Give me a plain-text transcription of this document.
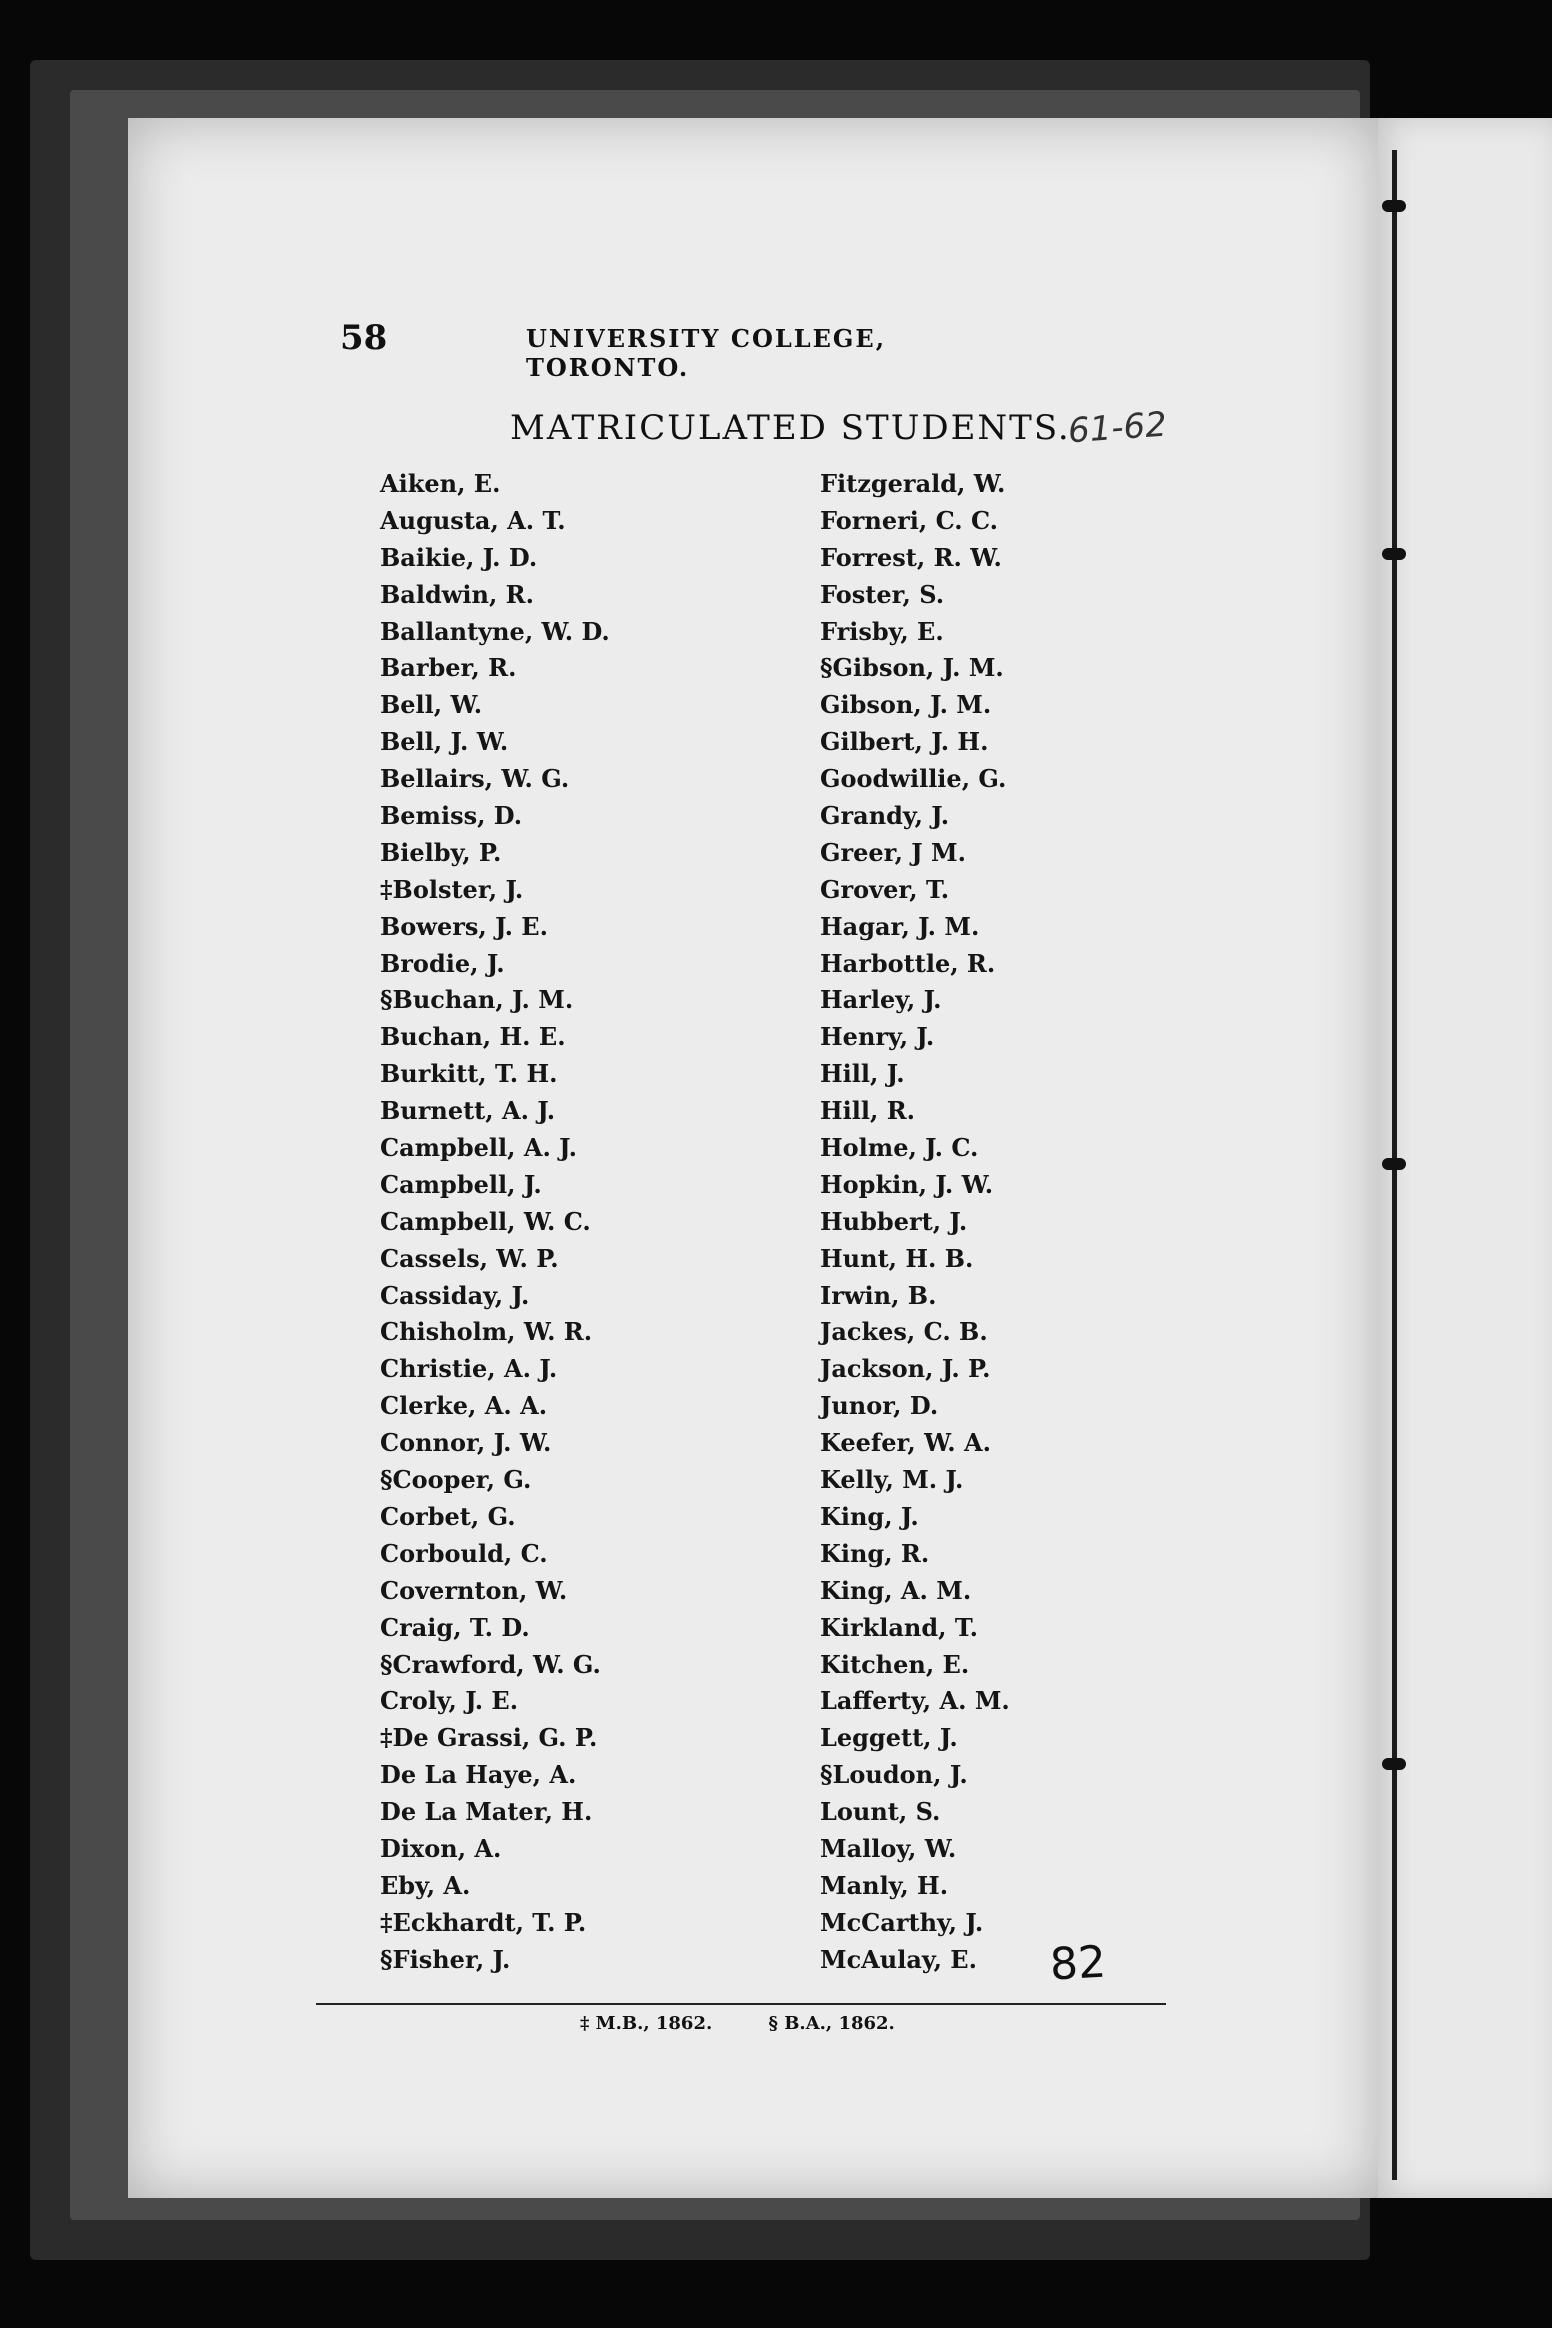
58	UNIVERSITY COLLEGE, TORONTO.
MATRICULATED STUDENTS.
61-62
Aiken, E.
Augusta, A. T.
Baikie, J. D.
Baldwin, R.
Ballantyne, W. D.
Barber, R.
Bell, W.
Bell, J. W.
Bellairs, W. G.
Bemiss, D.
Bielby, P.
‡Bolster, J.
Bowers, J. E.
Brodie, J.
§Buchan, J. M.
Buchan, H. E.
Burkitt, T. H.
Burnett, A. J.
Campbell, A. J.
Campbell, J.
Campbell, W. C.
Cassels, W. P.
Cassiday, J.
Chisholm, W. R.
Christie, A. J.
Clerke, A. A.
Connor, J. W.
§Cooper, G.
Corbet, G.
Corbould, C.
Covernton, W.
Craig, T. D.
§Crawford, W. G.
Croly, J. E.
‡De Grassi, G. P.
De La Haye, A.
De La Mater, H.
Dixon, A.
Eby, A.
‡Eckhardt, T. P.
§Fisher, J.
Fitzgerald, W.
Forneri, C. C.
Forrest, R. W.
Foster, S.
Frisby, E.
§Gibson, J. M.
Gibson, J. M.
Gilbert, J. H.
Goodwillie, G.
Grandy, J.
Greer, J M.
Grover, T.
Hagar, J. M.
Harbottle, R.
Harley, J.
Henry, J.
Hill, J.
Hill, R.
Holme, J. C.
Hopkin, J. W.
Hubbert, J.
Hunt, H. B.
Irwin, B.
Jackes, C. B.
Jackson, J. P.
Junor, D.
Keefer, W. A.
Kelly, M. J.
King, J.
King, R.
King, A. M.
Kirkland, T.
Kitchen, E.
Lafferty, A. M.
Leggett, J.
§Loudon, J.
Lount, S.
Malloy, W.
Manly, H.
McCarthy, J.
McAulay, E.	82
‡ M.B., 1862.	§ B.A., 1862.
